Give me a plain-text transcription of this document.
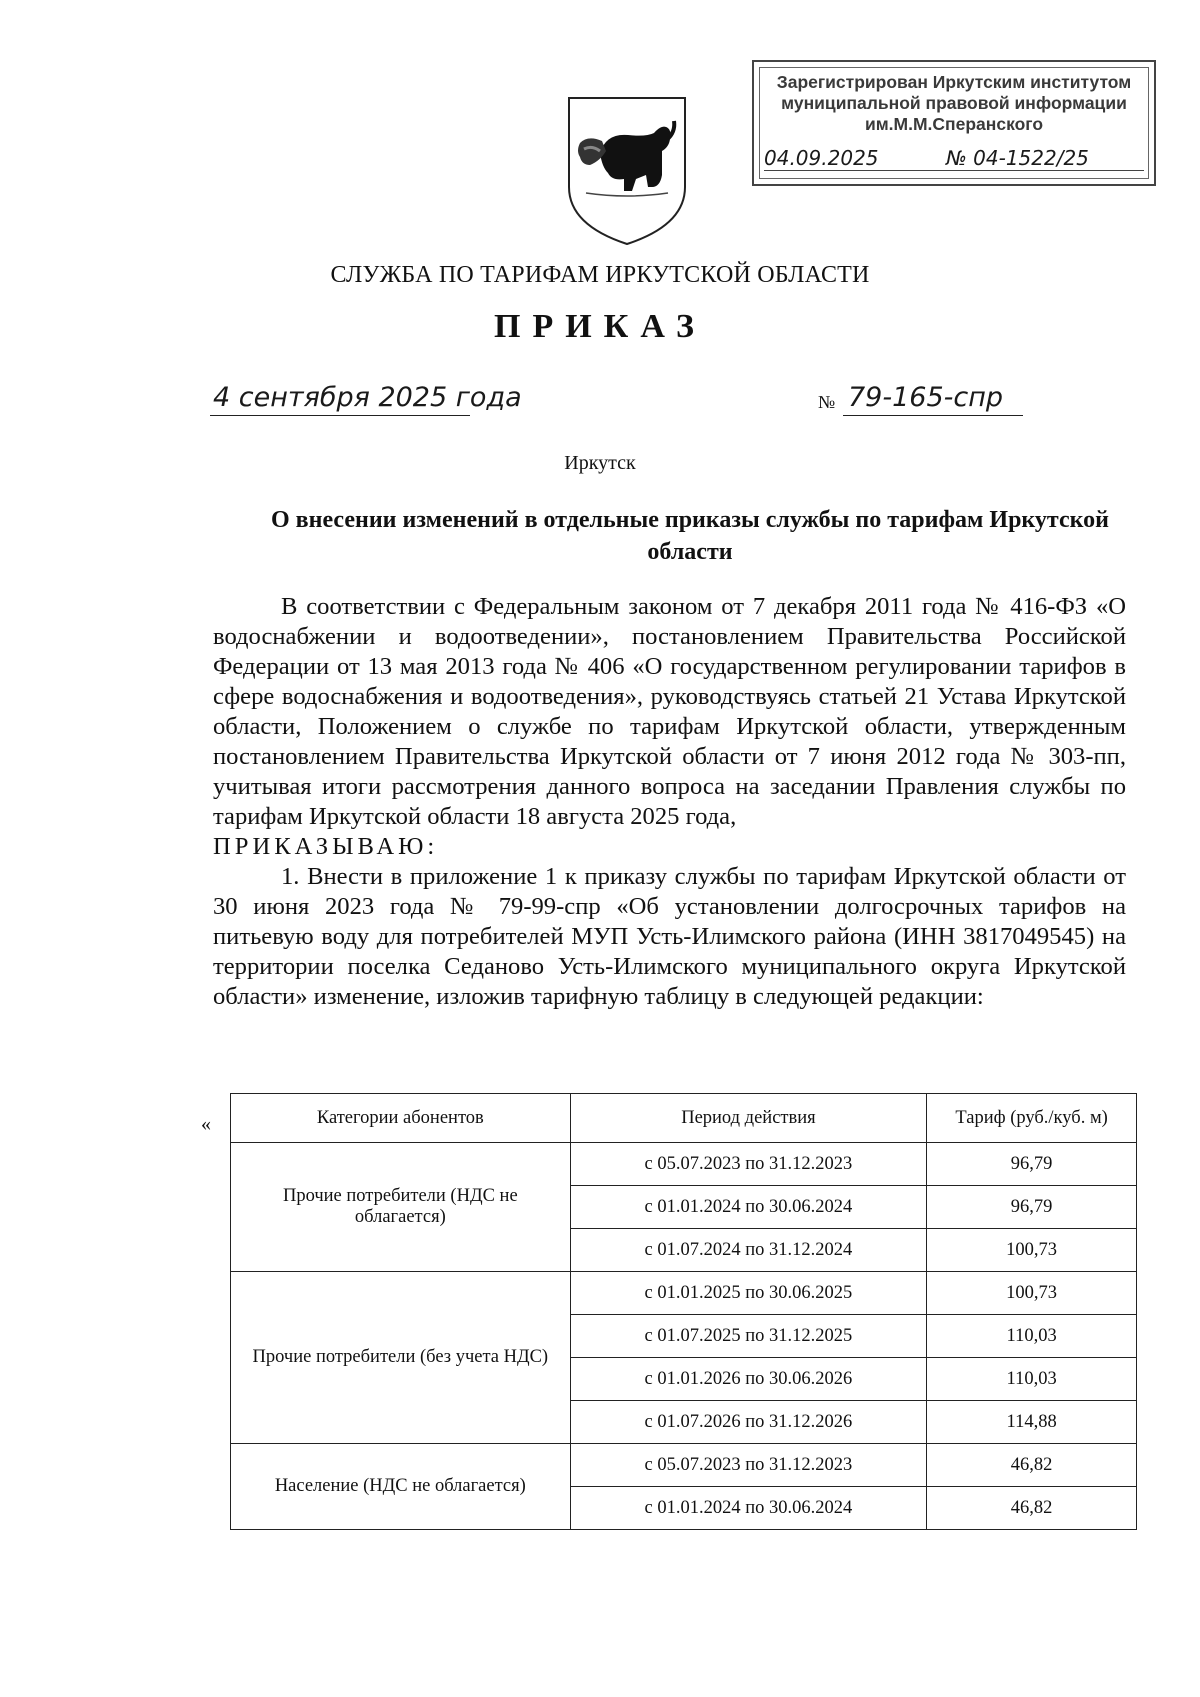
Зарегистрирован Иркутским институтом
муниципальной правовой информации
им.М.М.Сперанского
04.09.2025	№ 04-1522/25
СЛУЖБА ПО ТАРИФАМ ИРКУТСКОЙ ОБЛАСТИ
ПРИКАЗ
4 сентября 2025 года	№ 79-165-спр
Иркутск
О внесении изменений в отдельные приказы службы по тарифам Иркутской области

В соответствии с Федеральным законом от 7 декабря 2011 года № 416-ФЗ «О водоснабжении и водоотведении», постановлением Правительства Российской Федерации от 13 мая 2013 года № 406 «О государственном регулировании тарифов в сфере водоснабжения и водоотведения», руководствуясь статьей 21 Устава Иркутской области, Положением о службе по тарифам Иркутской области, утвержденным постановлением Правительства Иркутской области от 7 июня 2012 года № 303-пп, учитывая итоги рассмотрения данного вопроса на заседании Правления службы по тарифам Иркутской области 18 августа 2025 года,

ПРИКАЗЫВАЮ:

1. Внести в приложение 1 к приказу службы по тарифам Иркутской области от 30 июня 2023 года № 79-99-спр «Об установлении долгосрочных тарифов на питьевую воду для потребителей МУП Усть-Илимского района (ИНН 3817049545) на территории поселка Седаново Усть-Илимского муниципального округа Иркутской области» изменение, изложив тарифную таблицу в следующей редакции:

«	Категории абонентов	Период действия	Тариф (руб./куб. м)
Прочие потребители (НДС не облагается)	с 05.07.2023 по 31.12.2023	96,79
	с 01.01.2024 по 30.06.2024	96,79
	с 01.07.2024 по 31.12.2024	100,73
Прочие потребители (без учета НДС)	с 01.01.2025 по 30.06.2025	100,73
	с 01.07.2025 по 31.12.2025	110,03
	с 01.01.2026 по 30.06.2026	110,03
	с 01.07.2026 по 31.12.2026	114,88
Население (НДС не облагается)	с 05.07.2023 по 31.12.2023	46,82
	с 01.01.2024 по 30.06.2024	46,82
